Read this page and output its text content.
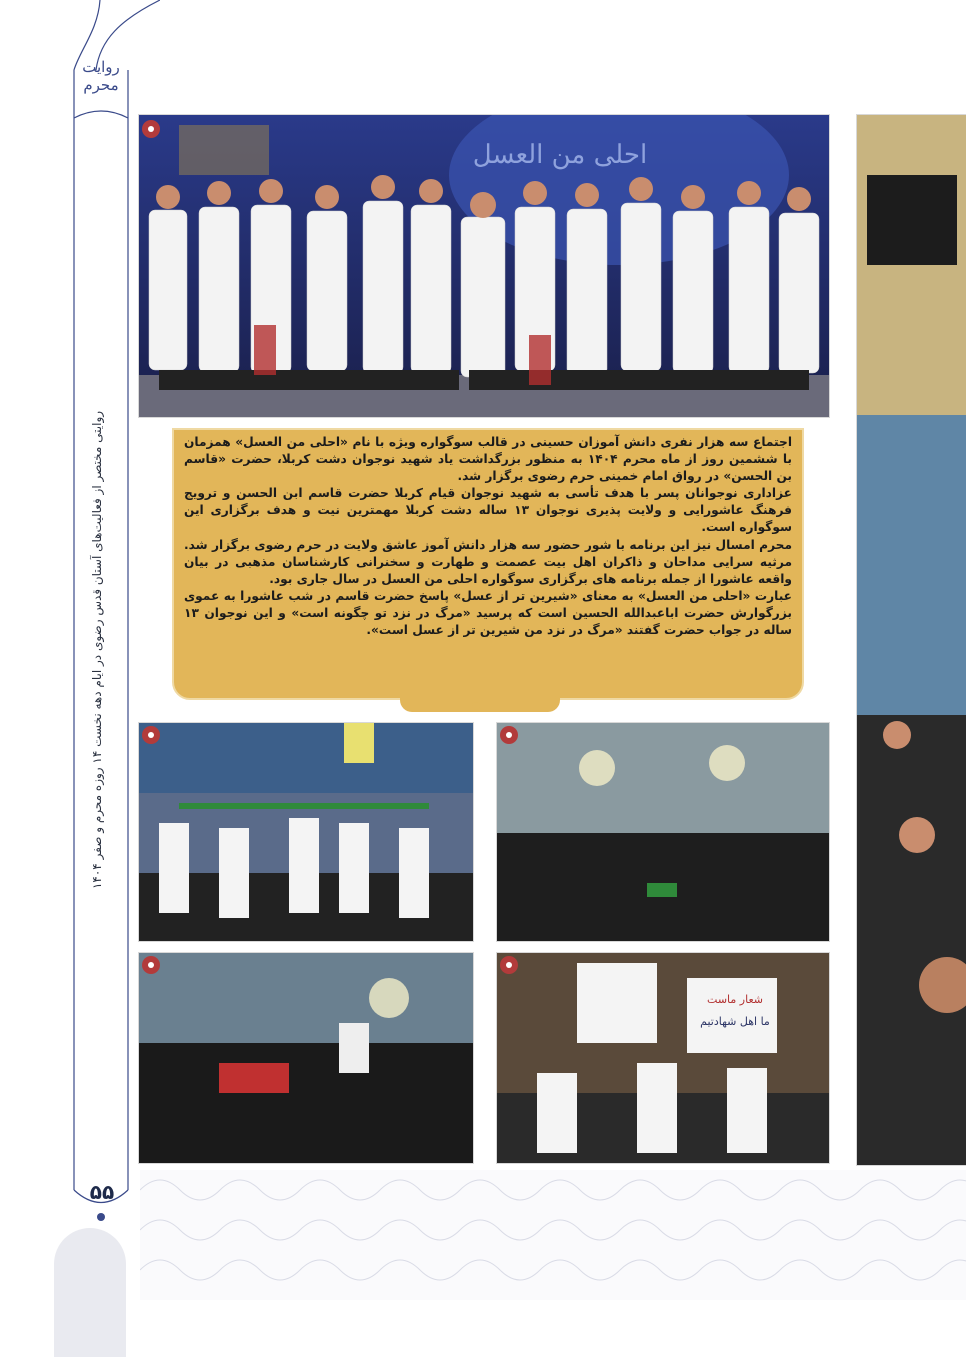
روایت محرم
روایتی مختصر از فعالیت‌های آستان قدس رضوی در ایام دهه نخست ۱۴ روزه محرم و صفر ۱۴۰۴
۵۵

اجتماع سه هزار نفری دانش آموزان حسینی در قالب سوگواره ویژه با نام «احلی من العسل» همزمان با ششمین روز از ماه محرم ۱۴۰۴ به منظور بزرگداشت یاد شهید نوجوان دشت کربلا، حضرت «قاسم بن الحسن» در رواق امام خمینی حرم رضوی برگزار شد.

عزاداری نوجوانان پسر با هدف تأسی به شهید نوجوان قیام کربلا حضرت قاسم ابن الحسن و ترویج فرهنگ عاشورایی و ولایت پذیری نوجوان ۱۳ ساله دشت کربلا مهمترین نیت و هدف برگزاری این سوگواره است.

محرم امسال نیز این برنامه با شور حضور سه هزار دانش آموز عاشق ولایت در حرم رضوی برگزار شد. مرثیه سرایی مداحان و ذاکران اهل بیت عصمت و طهارت و سخنرانی کارشناسان مذهبی در بیان واقعه عاشورا از جمله برنامه های برگزاری سوگواره احلی من العسل در سال جاری بود.

عبارت «احلی من العسل» به معنای «شیرین تر از عسل» پاسخ حضرت قاسم در شب عاشورا به عموی بزرگوارش حضرت اباعبدالله الحسین است که پرسید «مرگ در نزد تو چگونه است» و این نوجوان ۱۳ ساله در جواب حضرت گفتند «مرگ در نزد من شیرین تر از عسل است».

شعار ماست
ما اهل شهادتیم
احلی من العسل
